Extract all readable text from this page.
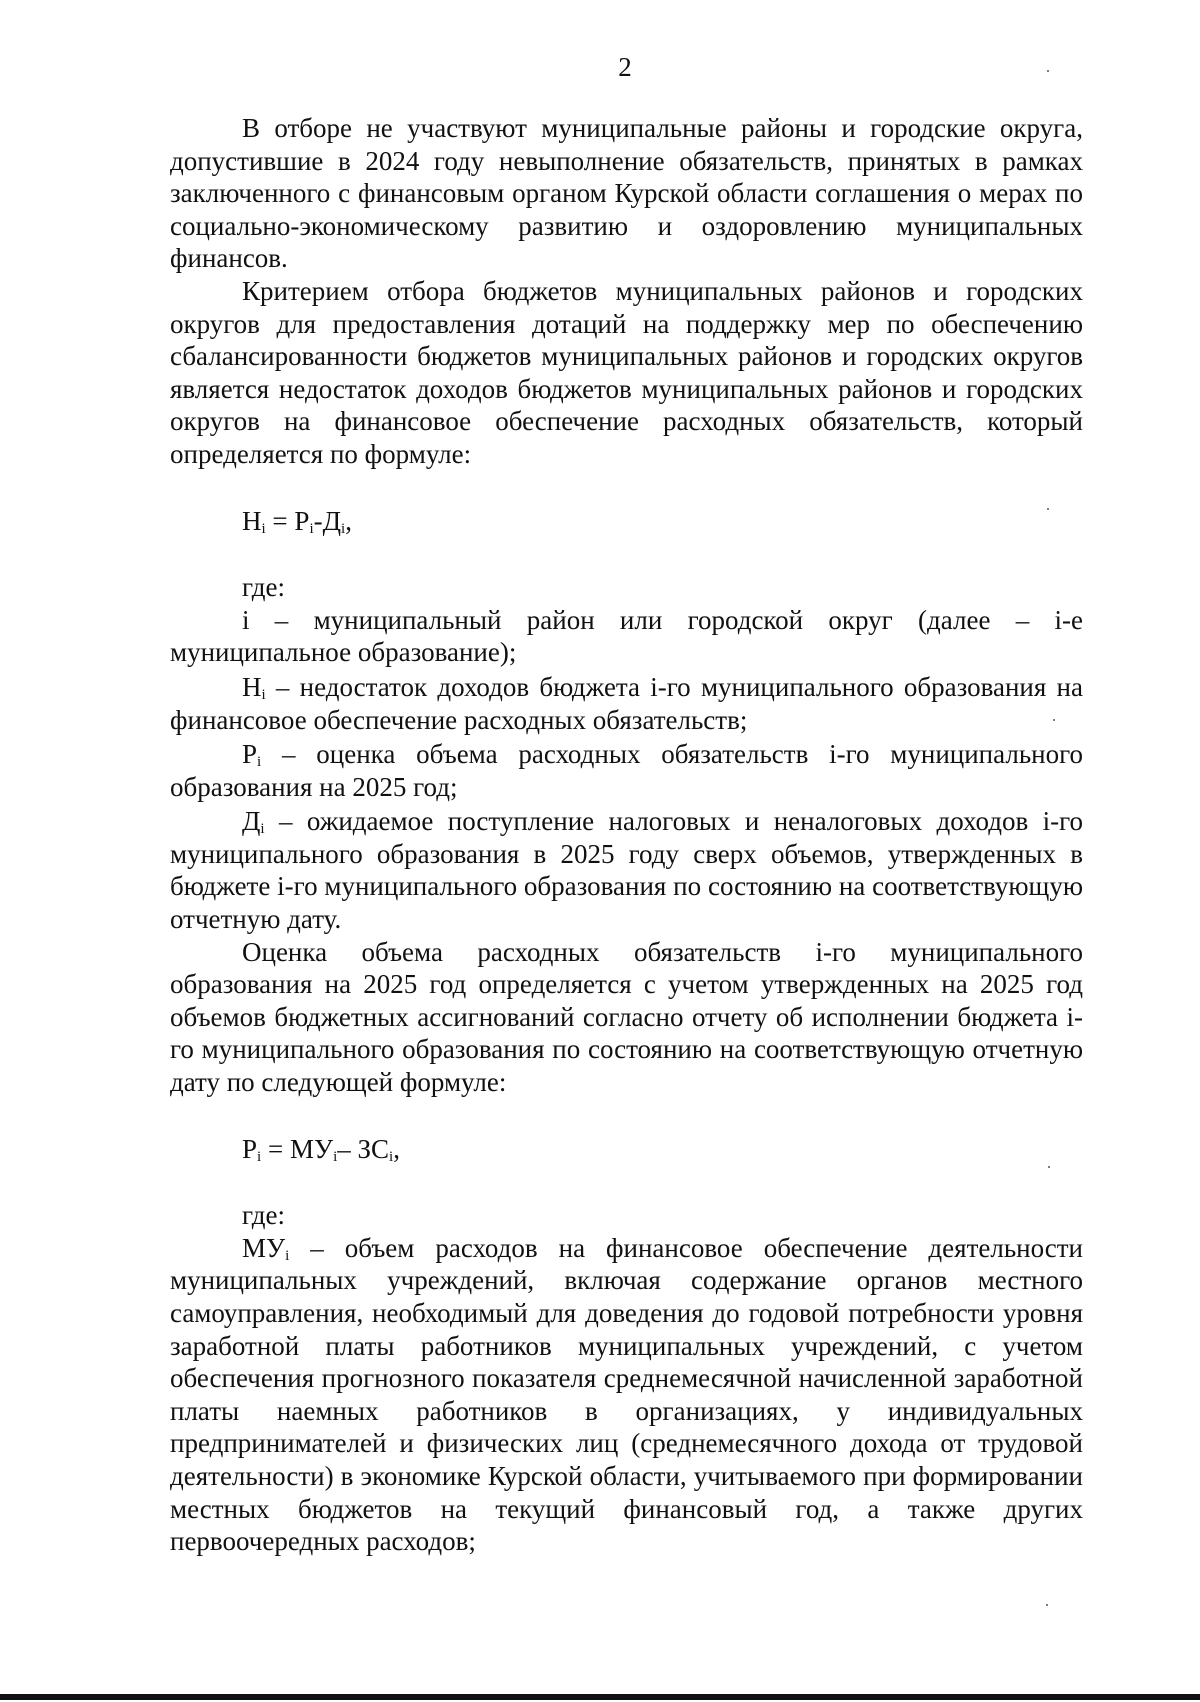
2

В отборе не участвуют муниципальные районы и городские округа, допустившие в 2024 году невыполнение обязательств, принятых в рамках заключенного с финансовым органом Курской области соглашения о мерах по социально-экономическому развитию и оздоровлению муниципальных финансов.

Критерием отбора бюджетов муниципальных районов и городских округов для предоставления дотаций на поддержку мер по обеспечению сбалансированности бюджетов муниципальных районов и городских округов является недостаток доходов бюджетов муниципальных районов и городских округов на финансовое обеспечение расходных обязательств, который определяется по формуле:

$Н_i = Р_i-Д_i$,

где:

i – муниципальный район или городской округ (далее – i-е муниципальное образование);

$Н_i$ – недостаток доходов бюджета i-го муниципального образования на финансовое обеспечение расходных обязательств;

$Р_i$ – оценка объема расходных обязательств i-го муниципального образования на 2025 год;

$Д_i$ – ожидаемое поступление налоговых и неналоговых доходов i-го муниципального образования в 2025 году сверх объемов, утвержденных в бюджете i-го муниципального образования по состоянию на соответствующую отчетную дату.

Оценка объема расходных обязательств i-го муниципального образования на 2025 год определяется с учетом утвержденных на 2025 год объемов бюджетных ассигнований согласно отчету об исполнении бюджета i-го муниципального образования по состоянию на соответствующую отчетную дату по следующей формуле:

$Р_i = МУ_i-$ $ЗС_i$,

где:

$МУ_i$ – объем расходов на финансовое обеспечение деятельности муниципальных учреждений, включая содержание органов местного самоуправления, необходимый для доведения до годовой потребности уровня заработной платы работников муниципальных учреждений, с учетом обеспечения прогнозного показателя среднемесячной начисленной заработной платы наемных работников в организациях, у индивидуальных предпринимателей и физических лиц (среднемесячного дохода от трудовой деятельности) в экономике Курской области, учитываемого при формировании местных бюджетов на текущий финансовый год, а также других первоочередных расходов;
